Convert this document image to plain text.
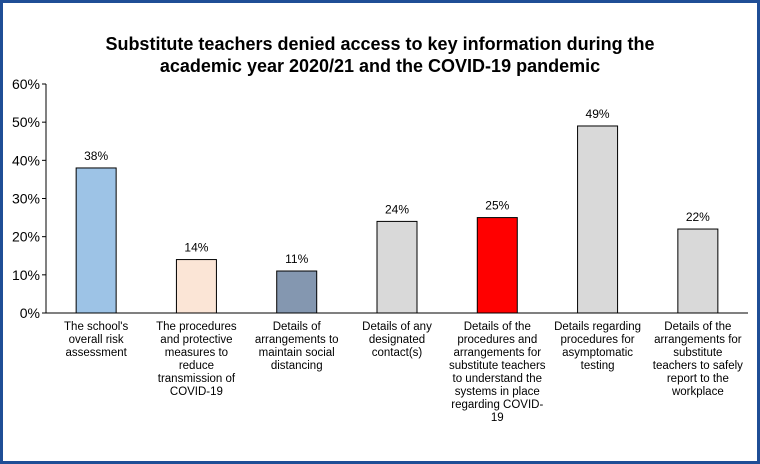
Substitute teachers denied access to key information during the
academic year 2020/21 and the COVID-19 pandemic
0%
10%
20%
30%
40%
50%
60%
38%
14%
11%
24%	25%
49%
22%
The school's overall risk assessment
The procedures and protective measures to reduce transmission of COVID-19
Details of arrangements to maintain social distancing
Details of any designated contact(s)
Details of the procedures and arrangements for substitute teachers to understand the systems in place regarding COVID-19
Details regarding procedures for asymptomatic testing
Details of the arrangements for substitute teachers to safely report to the workplace
